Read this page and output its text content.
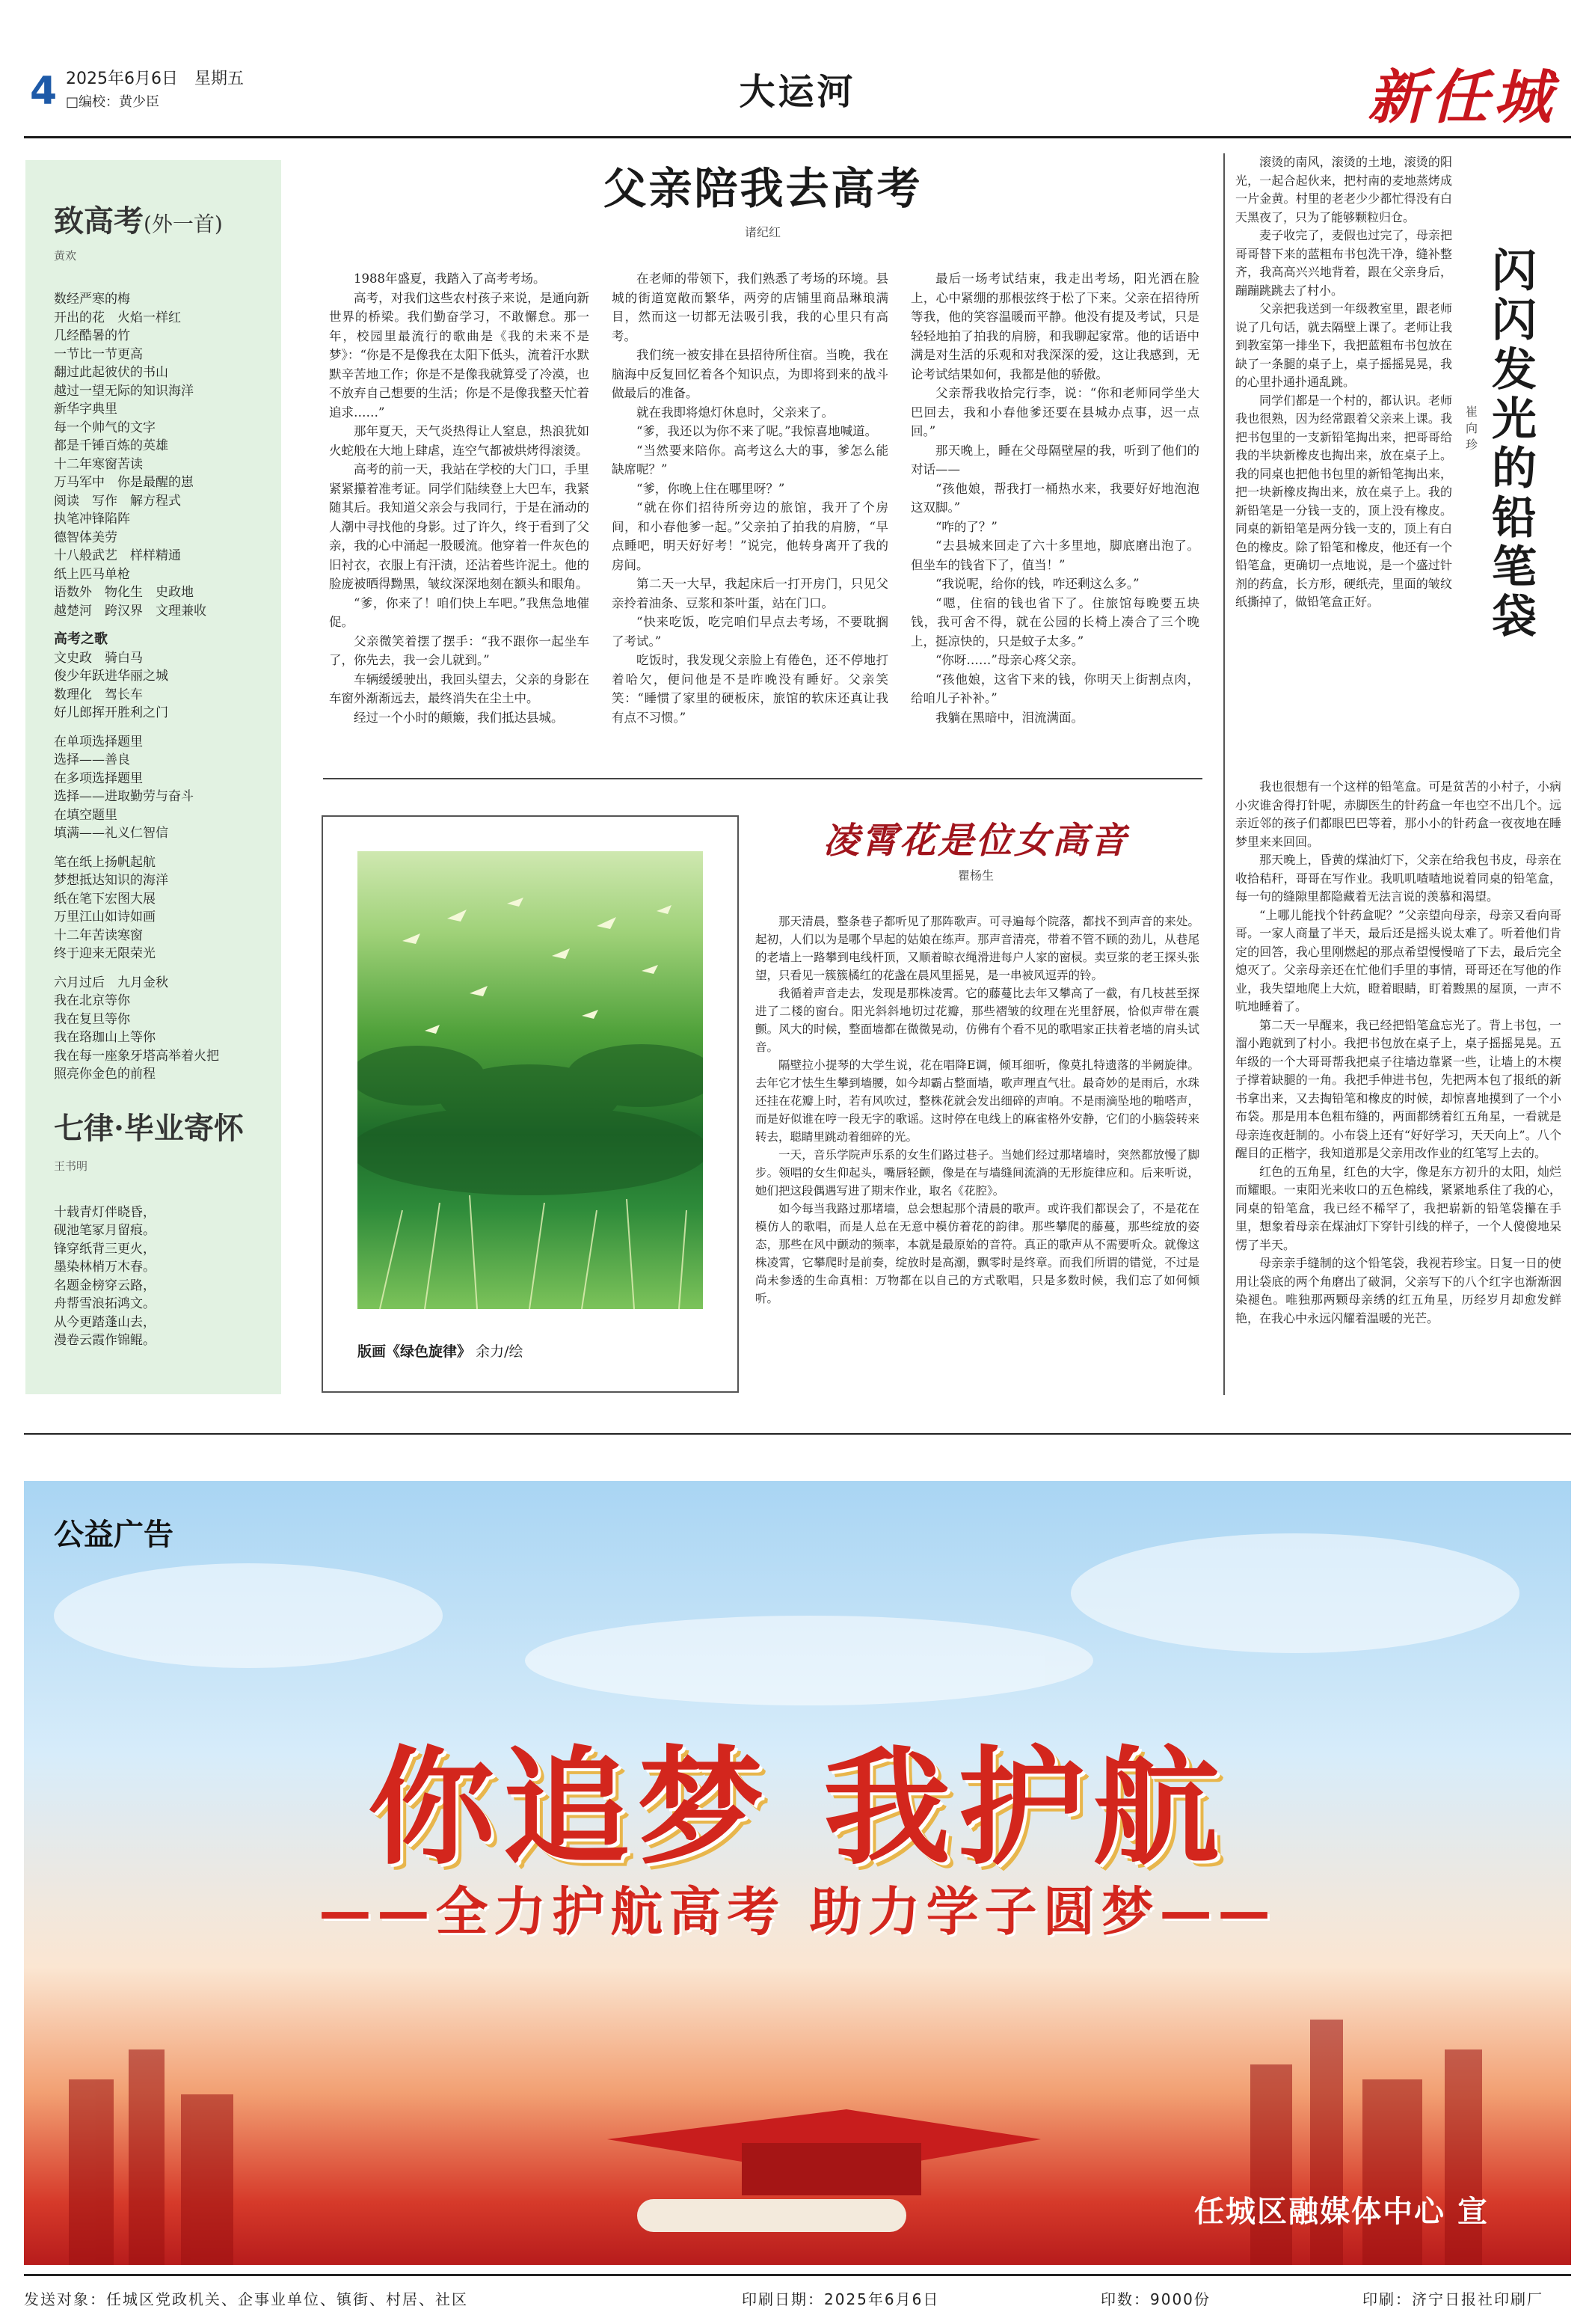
4 2025年6月6日　星期五
□编校：黄少臣	大运河	新任城
致高考(外一首)
黄欢
数经严寒的梅
开出的花　火焰一样红
几经酷暑的竹
一节比一节更高
翻过此起彼伏的书山
越过一望无际的知识海洋
新华字典里
每一个帅气的文字
都是千锤百炼的英雄
十二年寒窗苦读
万马军中　你是最醒的崽
阅读　写作　解方程式
执笔冲锋陷阵
德智体美劳
十八般武艺　样样精通
纸上匹马单枪
语数外　物化生　史政地
越楚河　跨汉界　文理兼收
高考之歌
文史政　骑白马
俊少年跃进华丽之城
数理化　驾长车
好儿郎挥开胜利之门
在单项选择题里
选择——善良
在多项选择题里
选择——进取勤劳与奋斗
在填空题里
填满——礼义仁智信
笔在纸上扬帆起航
梦想抵达知识的海洋
纸在笔下宏图大展
万里江山如诗如画
十二年苦读寒窗
终于迎来无限荣光
六月过后　九月金秋
我在北京等你
我在复旦等你
我在珞珈山上等你
我在每一座象牙塔高举着火把
照亮你金色的前程
七律·毕业寄怀
王书明
十载青灯伴晓昏，
砚池笔冢月留痕。
锋穿纸背三更火，
墨染林梢万木春。
名题金榜穿云路，
舟帮雪浪拓鸿文。
从今更踏蓬山去，
漫卷云霞作锦鲲。
父亲陪我去高考
诸纪红

1988年盛夏，我踏入了高考考场。

高考，对我们这些农村孩子来说，是通向新世界的桥梁。我们勤奋学习，不敢懈怠。那一年，校园里最流行的歌曲是《我的未来不是梦》：“你是不是像我在太阳下低头，流着汗水默默辛苦地工作；你是不是像我就算受了冷漠，也不放弃自己想要的生活；你是不是像我整天忙着追求……”

那年夏天，天气炎热得让人窒息，热浪犹如火蛇般在大地上肆虐，连空气都被烘烤得滚烫。

高考的前一天，我站在学校的大门口，手里紧紧攥着准考证。同学们陆续登上大巴车，我紧随其后。我知道父亲会与我同行，于是在涌动的人潮中寻找他的身影。过了许久，终于看到了父亲，我的心中涌起一股暖流。他穿着一件灰色的旧衬衣，衣服上有汗渍，还沾着些许泥土。他的脸庞被晒得黝黑，皱纹深深地刻在额头和眼角。

“爹，你来了！咱们快上车吧。”我焦急地催促。

父亲微笑着摆了摆手：“我不跟你一起坐车了，你先去，我一会儿就到。”

车辆缓缓驶出，我回头望去，父亲的身影在车窗外渐渐远去，最终消失在尘土中。

经过一个小时的颠簸，我们抵达县城。

在老师的带领下，我们熟悉了考场的环境。县城的街道宽敞而繁华，两旁的店铺里商品琳琅满目，然而这一切都无法吸引我，我的心里只有高考。

我们统一被安排在县招待所住宿。当晚，我在脑海中反复回忆着各个知识点，为即将到来的战斗做最后的准备。

就在我即将熄灯休息时，父亲来了。

“爹，我还以为你不来了呢。”我惊喜地喊道。

“当然要来陪你。高考这么大的事，爹怎么能缺席呢？”

“爹，你晚上住在哪里呀？”

“就在你们招待所旁边的旅馆，我开了个房间，和小春他爹一起。”父亲拍了拍我的肩膀，“早点睡吧，明天好好考！”说完，他转身离开了我的房间。

第二天一大早，我起床后一打开房门，只见父亲拎着油条、豆浆和茶叶蛋，站在门口。

“快来吃饭，吃完咱们早点去考场，不要耽搁了考试。”

吃饭时，我发现父亲脸上有倦色，还不停地打着哈欠，便问他是不是昨晚没有睡好。父亲笑笑：“睡惯了家里的硬板床，旅馆的软床还真让我有点不习惯。”

最后一场考试结束，我走出考场，阳光洒在脸上，心中紧绷的那根弦终于松了下来。父亲在招待所等我，他的笑容温暖而平静。他没有提及考试，只是轻轻地拍了拍我的肩膀，和我聊起家常。他的话语中满是对生活的乐观和对我深深的爱，这让我感到，无论考试结果如何，我都是他的骄傲。

父亲帮我收拾完行李，说：“你和老师同学坐大巴回去，我和小春他爹还要在县城办点事，迟一点回。”

那天晚上，睡在父母隔壁屋的我，听到了他们的对话——

“孩他娘，帮我打一桶热水来，我要好好地泡泡这双脚。”

“咋的了？”

“去县城来回走了六十多里地，脚底磨出泡了。但坐车的钱省下了，值当！”

“我说呢，给你的钱，咋还剩这么多。”

“嗯，住宿的钱也省下了。住旅馆每晚要五块钱，我可舍不得，就在公园的长椅上凑合了三个晚上，挺凉快的，只是蚊子太多。”

“你呀……”母亲心疼父亲。

“孩他娘，这省下来的钱，你明天上街割点肉，给咱儿子补补。”

我躺在黑暗中，泪流满面。

版画《绿色旋律》 余力/绘
凌霄花是位女高音
瞿杨生

那天清晨，整条巷子都听见了那阵歌声。可寻遍每个院落，都找不到声音的来处。起初，人们以为是哪个早起的姑娘在练声。那声音清亮，带着不管不顾的劲儿，从巷尾的老墙上一路攀到电线杆顶，又顺着晾衣绳滑进每户人家的窗棂。卖豆浆的老王探头张望，只看见一簇簇橘红的花盏在晨风里摇晃，是一串被风逗弄的铃。

我循着声音走去，发现是那株凌霄。它的藤蔓比去年又攀高了一截，有几枝甚至探进了二楼的窗台。阳光斜斜地切过花瓣，那些褶皱的纹理在光里舒展，恰似声带在震颤。风大的时候，整面墙都在微微晃动，仿佛有个看不见的歌唱家正扶着老墙的肩头试音。

隔壁拉小提琴的大学生说，花在唱降E调，倾耳细听，像莫扎特遗落的半阙旋律。去年它才怯生生攀到墙腰，如今却霸占整面墙，歌声理直气壮。最奇妙的是雨后，水珠还挂在花瓣上时，若有风吹过，整株花就会发出细碎的声响。不是雨滴坠地的啪嗒声，而是好似谁在哼一段无字的歌谣。这时停在电线上的麻雀格外安静，它们的小脑袋转来转去，聪睛里跳动着细碎的光。

一天，音乐学院声乐系的女生们路过巷子。当她们经过那堵墙时，突然都放慢了脚步。领唱的女生仰起头，嘴唇轻颤，像是在与墙缝间流淌的无形旋律应和。后来听说，她们把这段偶遇写进了期末作业，取名《花腔》。

如今每当我路过那堵墙，总会想起那个清晨的歌声。或许我们都误会了，不是花在模仿人的歌唱，而是人总在无意中模仿着花的韵律。那些攀爬的藤蔓，那些绽放的姿态，那些在风中颤动的频率，本就是最原始的音符。真正的歌声从不需要听众。就像这株凌霄，它攀爬时是前奏，绽放时是高潮，飘零时是终章。而我们所谓的错觉，不过是尚未参透的生命真相：万物都在以自己的方式歌唱，只是多数时候，我们忘了如何倾听。

滚烫的南风，滚烫的土地，滚烫的阳光，一起合起伙来，把村南的麦地蒸烤成一片金黄。村里的老老少少都忙得没有白天黑夜了，只为了能够颗粒归仓。

麦子收完了，麦假也过完了，母亲把哥哥替下来的蓝粗布书包洗干净，缝补整齐，我高高兴兴地背着，跟在父亲身后，蹦蹦跳跳去了村小。

父亲把我送到一年级教室里，跟老师说了几句话，就去隔壁上课了。老师让我到教室第一排坐下，我把蓝粗布书包放在缺了一条腿的桌子上，桌子摇摇晃晃，我的心里扑通扑通乱跳。

同学们都是一个村的，都认识。老师我也很熟，因为经常跟着父亲来上课。我把书包里的一支新铅笔掏出来，把哥哥给我的半块新橡皮也掏出来，放在桌子上。我的同桌也把他书包里的新铅笔掏出来，把一块新橡皮掏出来，放在桌子上。我的新铅笔是一分钱一支的，顶上没有橡皮。同桌的新铅笔是两分钱一支的，顶上有白色的橡皮。除了铅笔和橡皮，他还有一个铅笔盒，更确切一点地说，是一个盛过针剂的药盒，长方形，硬纸壳，里面的皱纹纸撕掉了，做铅笔盒正好。

闪闪发光的铅笔袋
崔向珍

我也很想有一个这样的铅笔盒。可是贫苦的小村子，小病小灾谁舍得打针呢，赤脚医生的针药盒一年也空不出几个。远亲近邻的孩子们都眼巴巴等着，那小小的针药盒一夜夜地在睡梦里来来回回。

那天晚上，昏黄的煤油灯下，父亲在给我包书皮，母亲在收拾秸秆，哥哥在写作业。我叽叽喳喳地说着同桌的铅笔盒，每一句的缝隙里都隐藏着无法言说的羡慕和渴望。

“上哪儿能找个针药盒呢？”父亲望向母亲，母亲又看向哥哥。一家人商量了半天，最后还是摇头说太难了。听着他们肯定的回答，我心里刚燃起的那点希望慢慢暗了下去，最后完全熄灭了。父亲母亲还在忙他们手里的事情，哥哥还在写他的作业，我失望地爬上大炕，瞪着眼睛，盯着黢黑的屋顶，一声不吭地睡着了。

第二天一早醒来，我已经把铅笔盒忘光了。背上书包，一溜小跑就到了村小。我把书包放在桌子上，桌子摇摇晃晃。五年级的一个大哥哥帮我把桌子往墙边靠紧一些，让墙上的木楔子撑着缺腿的一角。我把手伸进书包，先把两本包了报纸的新书拿出来，又去掏铅笔和橡皮的时候，却惊喜地摸到了一个小布袋。那是用本色粗布缝的，两面都绣着红五角星，一看就是母亲连夜赶制的。小布袋上还有“好好学习，天天向上”。八个醒目的正楷字，我知道那是父亲用改作业的红笔写上去的。

红色的五角星，红色的大字，像是东方初升的太阳，灿烂而耀眼。一束阳光来收口的五色棉线，紧紧地系住了我的心，同桌的铅笔盒，我已经不稀罕了，我把崭新的铅笔袋攥在手里，想象着母亲在煤油灯下穿针引线的样子，一个人傻傻地呆愣了半天。

母亲亲手缝制的这个铅笔袋，我视若珍宝。日复一日的使用让袋底的两个角磨出了破洞，父亲写下的八个红字也渐渐洇染褪色。唯独那两颗母亲绣的红五角星，历经岁月却愈发鲜艳，在我心中永远闪耀着温暖的光芒。

公益广告
你追梦 我护航
——全力护航高考 助力学子圆梦——
任城区融媒体中心 宣
发送对象：任城区党政机关、企事业单位、镇街、村居、社区	印刷日期：2025年6月6日	印数：9000份	印刷：济宁日报社印刷厂
